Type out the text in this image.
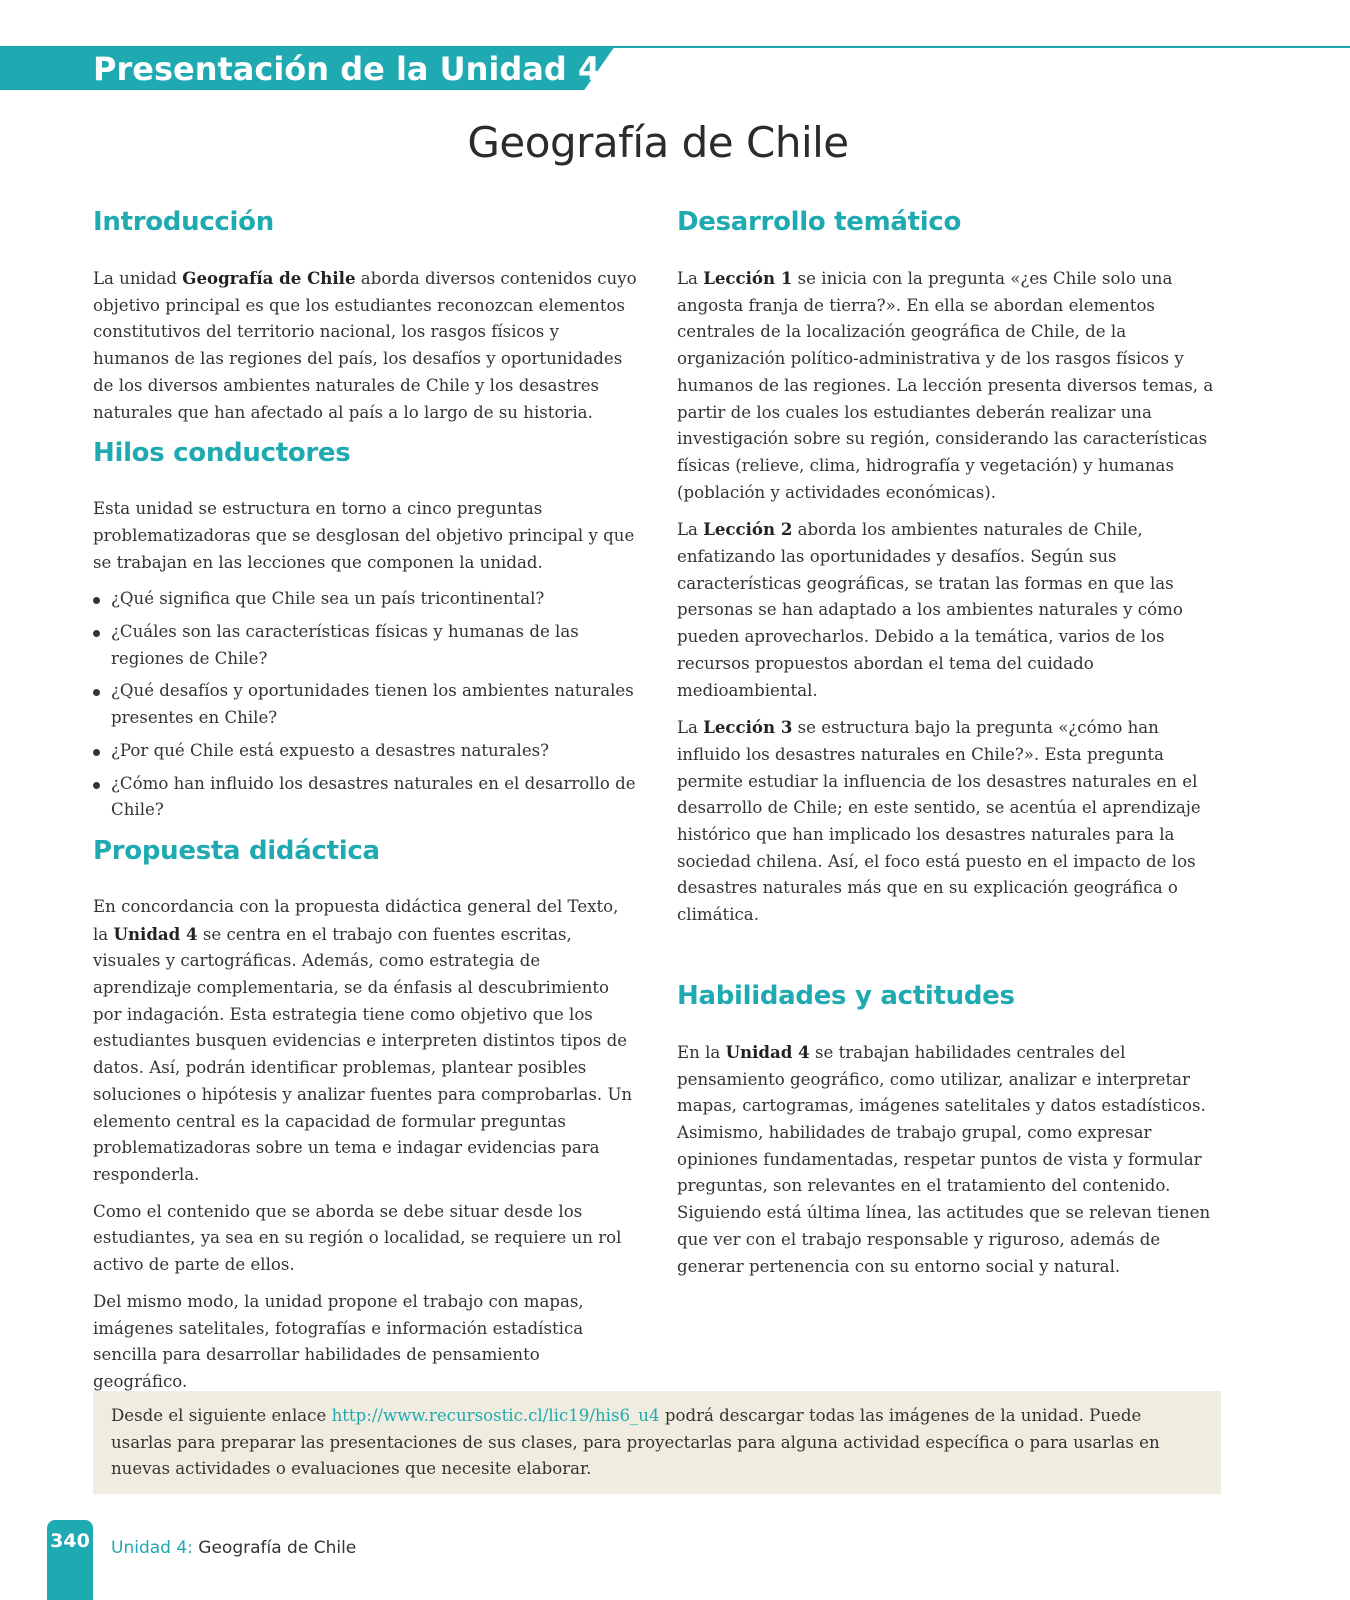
Presentación de la Unidad 4
Geografía de Chile
Introducción

La unidad Geografía de Chile aborda diversos contenidos cuyo objetivo principal es que los estudiantes reconozcan elementos constitutivos del territorio nacional, los rasgos físicos y humanos de las regiones del país, los desafíos y oportunidades de los diversos ambientes naturales de Chile y los desastres naturales que han afectado al país a lo largo de su historia.

Hilos conductores

Esta unidad se estructura en torno a cinco preguntas problematizadoras que se desglosan del objetivo principal y que se trabajan en las lecciones que componen la unidad.

¿Qué significa que Chile sea un país tricontinental?
¿Cuáles son las características físicas y humanas de las regiones de Chile?
¿Qué desafíos y oportunidades tienen los ambientes naturales presentes en Chile?
¿Por qué Chile está expuesto a desastres naturales?
¿Cómo han influido los desastres naturales en el desarrollo de Chile?
Propuesta didáctica

En concordancia con la propuesta didáctica general del Texto, la Unidad 4 se centra en el trabajo con fuentes escritas, visuales y cartográficas. Además, como estrategia de aprendizaje complementaria, se da énfasis al descubrimiento por indagación. Esta estrategia tiene como objetivo que los estudiantes busquen evidencias e interpreten distintos tipos de datos. Así, podrán identificar problemas, plantear posibles soluciones o hipótesis y analizar fuentes para comprobarlas. Un elemento central es la capacidad de formular preguntas problematizadoras sobre un tema e indagar evidencias para responderla.

Como el contenido que se aborda se debe situar desde los estudiantes, ya sea en su región o localidad, se requiere un rol activo de parte de ellos.

Del mismo modo, la unidad propone el trabajo con mapas, imágenes satelitales, fotografías e información estadística sencilla para desarrollar habilidades de pensamiento geográfico.

Desarrollo temático

La Lección 1 se inicia con la pregunta «¿es Chile solo una angosta franja de tierra?». En ella se abordan elementos centrales de la localización geográfica de Chile, de la organización político-administrativa y de los rasgos físicos y humanos de las regiones. La lección presenta diversos temas, a partir de los cuales los estudiantes deberán realizar una investigación sobre su región, considerando las características físicas (relieve, clima, hidrografía y vegetación) y humanas (población y actividades económicas).

La Lección 2 aborda los ambientes naturales de Chile, enfatizando las oportunidades y desafíos. Según sus características geográficas, se tratan las formas en que las personas se han adaptado a los ambientes naturales y cómo pueden aprovecharlos. Debido a la temática, varios de los recursos propuestos abordan el tema del cuidado medioambiental.

La Lección 3 se estructura bajo la pregunta «¿cómo han influido los desastres naturales en Chile?». Esta pregunta permite estudiar la influencia de los desastres naturales en el desarrollo de Chile; en este sentido, se acentúa el aprendizaje histórico que han implicado los desastres naturales para la sociedad chilena. Así, el foco está puesto en el impacto de los desastres naturales más que en su explicación geográfica o climática.

Habilidades y actitudes

En la Unidad 4 se trabajan habilidades centrales del pensamiento geográfico, como utilizar, analizar e interpretar mapas, cartogramas, imágenes satelitales y datos estadísticos. Asimismo, habilidades de trabajo grupal, como expresar opiniones fundamentadas, respetar puntos de vista y formular preguntas, son relevantes en el tratamiento del contenido. Siguiendo está última línea, las actitudes que se relevan tienen que ver con el trabajo responsable y riguroso, además de generar pertenencia con su entorno social y natural.

Desde el siguiente enlace http://www.recursostic.cl/lic19/his6_u4 podrá descargar todas las imágenes de la unidad. Puede usarlas para preparar las presentaciones de sus clases, para proyectarlas para alguna actividad específica o para usarlas en nuevas actividades o evaluaciones que necesite elaborar.
340 Unidad 4: Geografía de Chile
